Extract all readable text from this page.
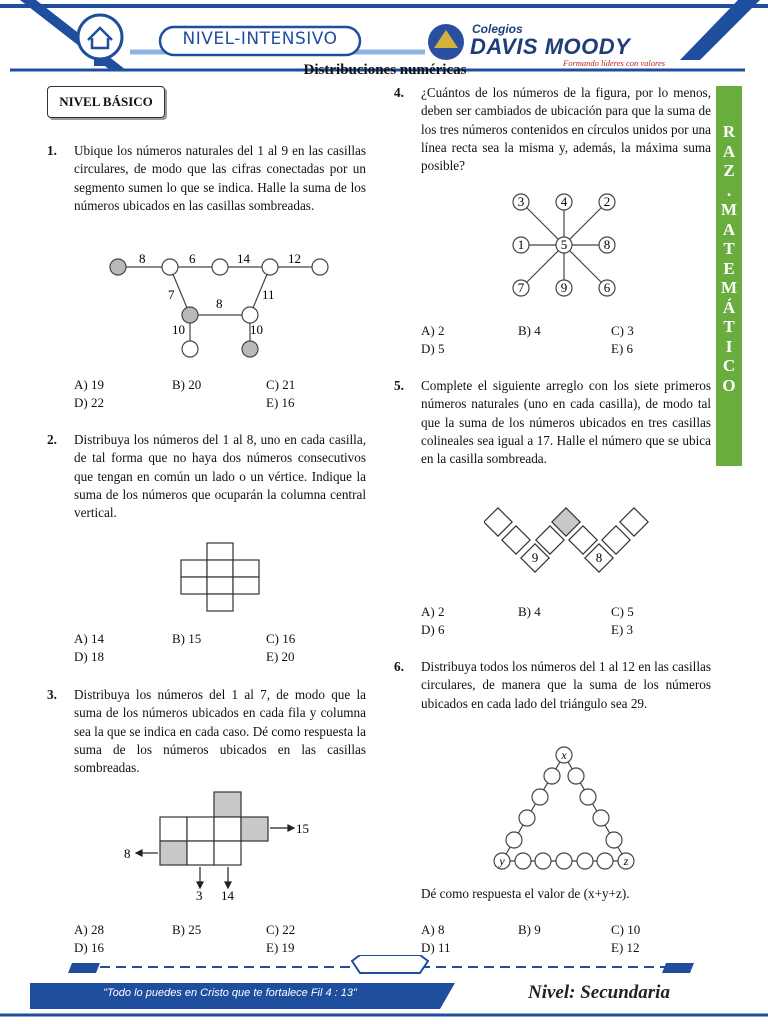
NIVEL-INTENSIVO	Colegios
DAVIS MOODY
Formando líderes con valores
Distribuciones numéricas
NIVEL BÁSICO
R
A
Z
.
M
A
T
E
M
Á
T
I
C
O
1. Ubique los números naturales del 1 al 9 en las casillas circulares, de modo que las cifras conectadas por un segmento sumen lo que se indica. Halle la suma de los números ubicados en las casillas sombreadas.
8	6	14	12
7
8
11
10	10
A) 19	B) 20	C) 21
D) 22	E) 16
2. Distribuya los números del 1 al 8, uno en cada casilla, de tal forma que no haya dos números consecutivos que tengan en común un lado o un vértice. Indique la suma de los números que ocuparán la columna central vertical.
A) 14	B) 15	C) 16
D) 18	E) 20
3. Distribuya los números del 1 al 7, de modo que la suma de los números ubicados en cada fila y columna sea la que se indica en cada caso. Dé como respuesta la suma de los números ubicados en las casillas sombreadas.
15
8
3 14
A) 28	B) 25	C) 22
D) 16	E) 19
4. ¿Cuántos de los números de la figura, por lo menos, deben ser cambiados de ubicación para que la suma de los tres números contenidos en círculos unidos por una línea recta sea la misma y, además, la máxima suma posible?
3	4	2
1	5	8
7	9	6
A) 2	B) 4	C) 3
D) 5	E) 6
5. Complete el siguiente arreglo con los siete primeros números naturales (uno en cada casilla), de modo tal que la suma de los números ubicados en tres casillas colineales sea igual a 17. Halle el número que se ubica en la casilla sombreada.
9	8
A) 2	B) 4	C) 5
D) 6	E) 3
6. Distribuya todos los números del 1 al 12 en las casillas circulares, de manera que la suma de los números ubicados en cada lado del triángulo sea 29.
x
y	z
Dé como respuesta el valor de (x+y+z).
A) 8	B) 9	C) 10
D) 11	E) 12
"Todo lo puedes en Cristo que te fortalece Fil 4 : 13"	Nivel: Secundaria
